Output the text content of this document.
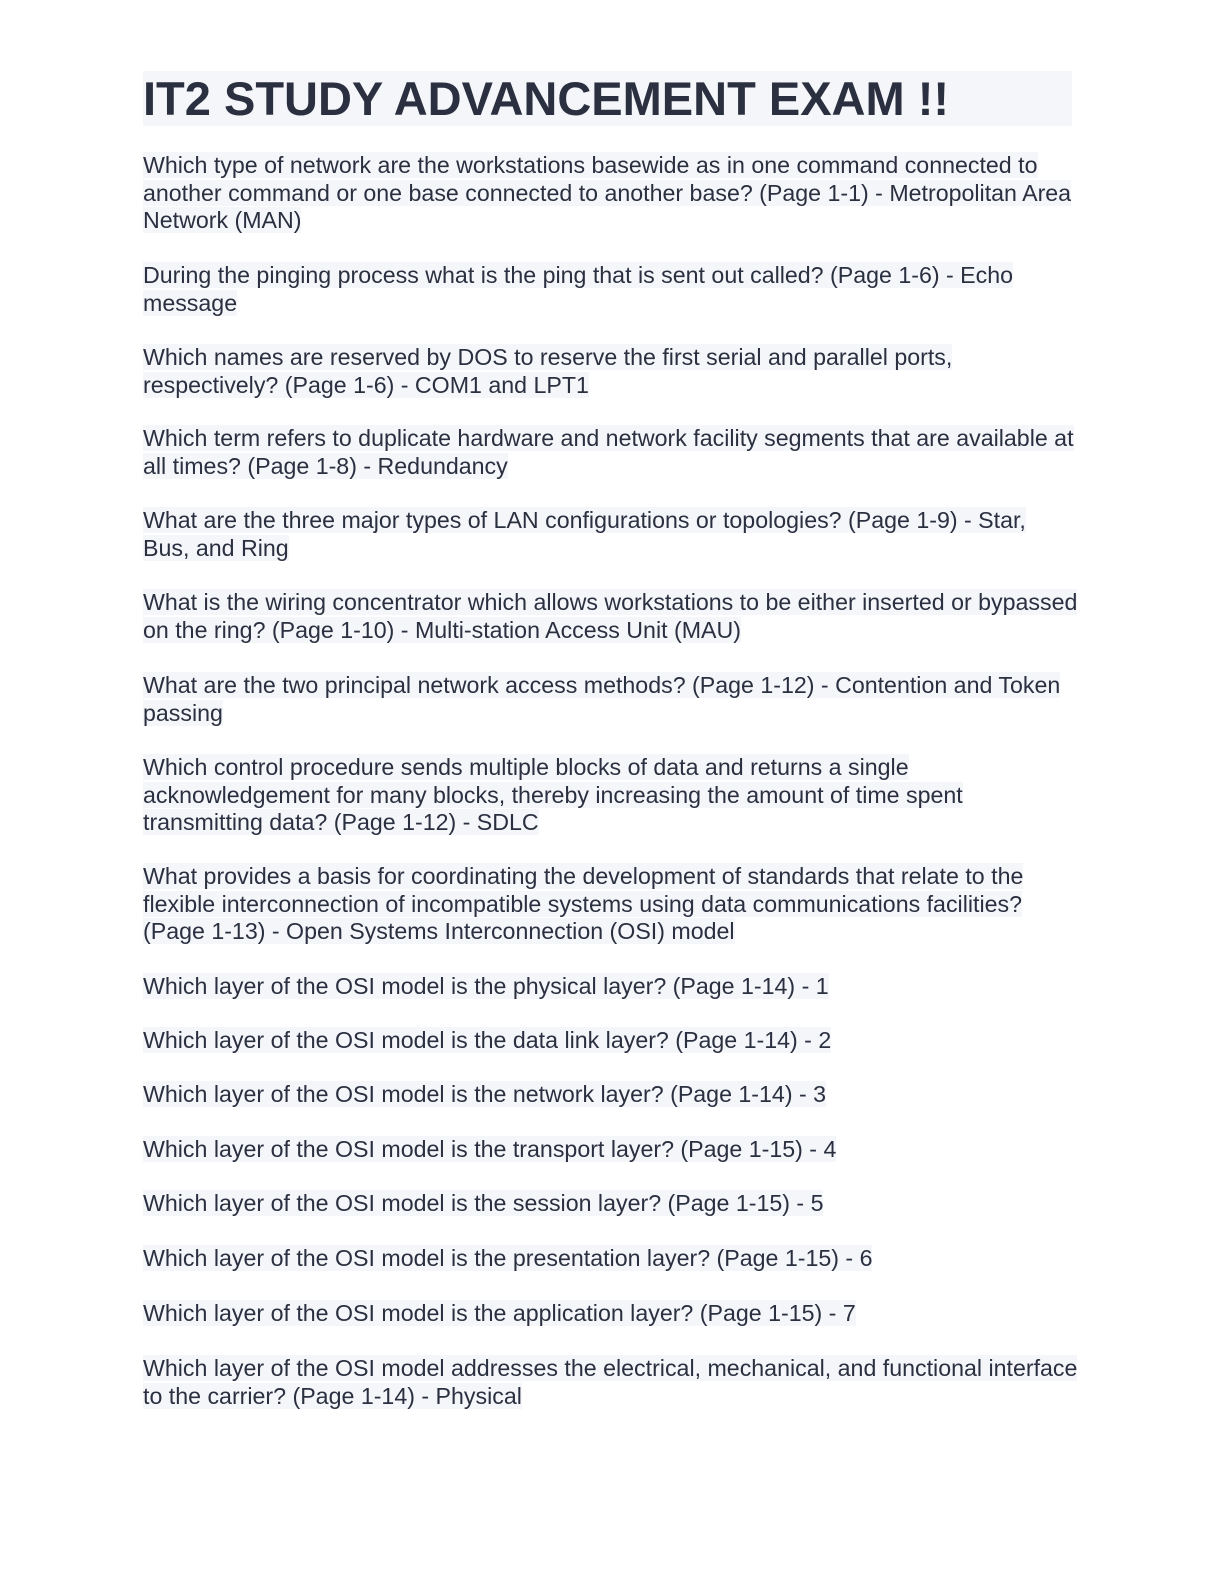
IT2 STUDY ADVANCEMENT EXAM !!

Which type of network are the workstations basewide as in one command connected to another command or one base connected to another base? (Page 1-1) - Metropolitan Area Network (MAN)

During the pinging process what is the ping that is sent out called? (Page 1-6) - Echo message

Which names are reserved by DOS to reserve the first serial and parallel ports, respectively? (Page 1-6) - COM1 and LPT1

Which term refers to duplicate hardware and network facility segments that are available at all times? (Page 1-8) - Redundancy

What are the three major types of LAN configurations or topologies? (Page 1-9) - Star, Bus, and Ring

What is the wiring concentrator which allows workstations to be either inserted or bypassed on the ring? (Page 1-10) - Multi-station Access Unit (MAU)

What are the two principal network access methods? (Page 1-12) - Contention and Token passing

Which control procedure sends multiple blocks of data and returns a single acknowledgement for many blocks, thereby increasing the amount of time spent transmitting data? (Page 1-12) - SDLC

What provides a basis for coordinating the development of standards that relate to the flexible interconnection of incompatible systems using data communications facilities? (Page 1-13) - Open Systems Interconnection (OSI) model

Which layer of the OSI model is the physical layer? (Page 1-14) - 1

Which layer of the OSI model is the data link layer? (Page 1-14) - 2

Which layer of the OSI model is the network layer? (Page 1-14) - 3

Which layer of the OSI model is the transport layer? (Page 1-15) - 4

Which layer of the OSI model is the session layer? (Page 1-15) - 5

Which layer of the OSI model is the presentation layer? (Page 1-15) - 6

Which layer of the OSI model is the application layer? (Page 1-15) - 7

Which layer of the OSI model addresses the electrical, mechanical, and functional interface to the carrier? (Page 1-14) - Physical
